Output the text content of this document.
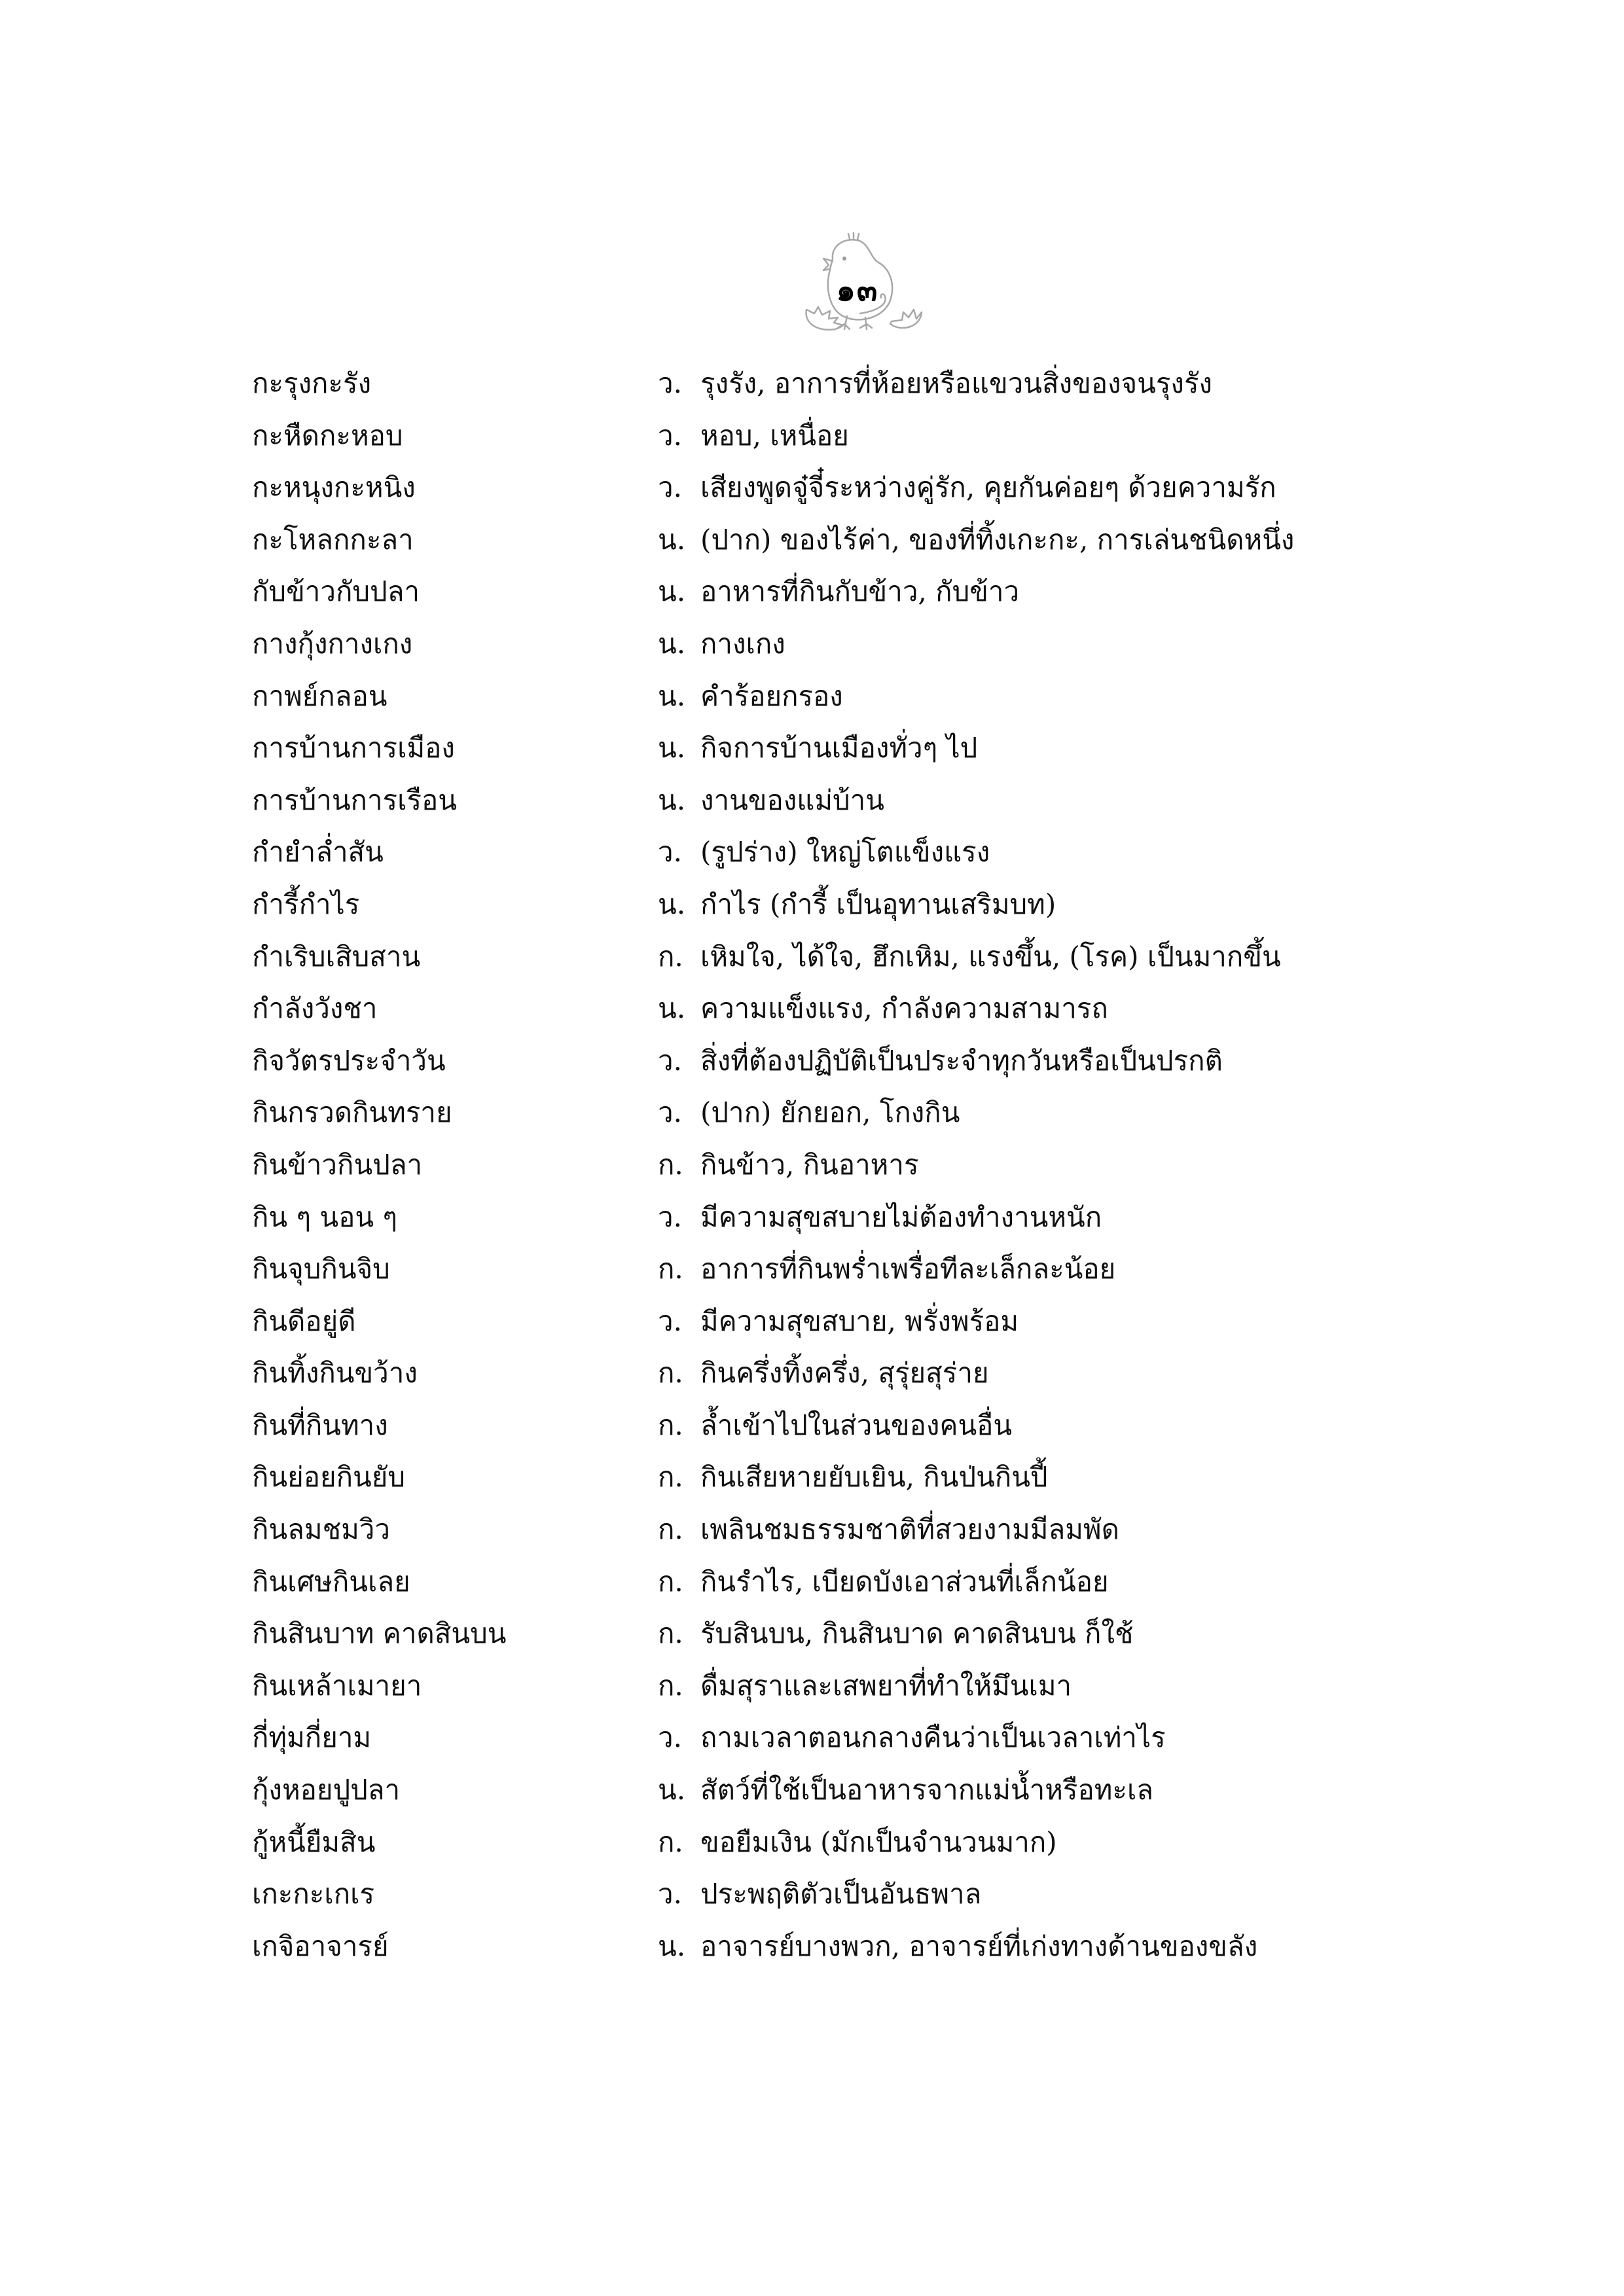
๑๓
กะรุงกะรัง	ว. รุงรัง, อาการที่ห้อยหรือแขวนสิ่งของจนรุงรัง
กะหืดกะหอบ	ว. หอบ, เหนื่อย
กะหนุงกะหนิง	ว. เสียงพูดจู๋จี๋ระหว่างคู่รัก, คุยกันค่อยๆ ด้วยความรัก
กะโหลกกะลา	น. (ปาก) ของไร้ค่า, ของที่ทิ้งเกะกะ, การเล่นชนิดหนึ่ง
กับข้าวกับปลา	น. อาหารที่กินกับข้าว, กับข้าว
กางกุ้งกางเกง	น. กางเกง
กาพย์กลอน	น. คำร้อยกรอง
การบ้านการเมือง	น. กิจการบ้านเมืองทั่วๆ ไป
การบ้านการเรือน	น. งานของแม่บ้าน
กำยำล่ำสัน	ว. (รูปร่าง) ใหญ่โตแข็งแรง
กำรี้กำไร	น. กำไร (กำรี้ เป็นอุทานเสริมบท)
กำเริบเสิบสาน	ก. เหิมใจ, ได้ใจ, ฮึกเหิม, แรงขึ้น, (โรค) เป็นมากขึ้น
กำลังวังชา	น. ความแข็งแรง, กำลังความสามารถ
กิจวัตรประจำวัน	ว. สิ่งที่ต้องปฏิบัติเป็นประจำทุกวันหรือเป็นปรกติ
กินกรวดกินทราย	ว. (ปาก) ยักยอก, โกงกิน
กินข้าวกินปลา	ก. กินข้าว, กินอาหาร
กิน ๆ นอน ๆ	ว. มีความสุขสบายไม่ต้องทำงานหนัก
กินจุบกินจิบ	ก. อาการที่กินพร่ำเพรื่อทีละเล็กละน้อย
กินดีอยู่ดี	ว. มีความสุขสบาย, พรั่งพร้อม
กินทิ้งกินขว้าง	ก. กินครึ่งทิ้งครึ่ง, สุรุ่ยสุร่าย
กินที่กินทาง	ก. ล้ำเข้าไปในส่วนของคนอื่น
กินย่อยกินยับ	ก. กินเสียหายยับเยิน, กินป่นกินปี้
กินลมชมวิว	ก. เพลินชมธรรมชาติที่สวยงามมีลมพัด
กินเศษกินเลย	ก. กินรำไร, เบียดบังเอาส่วนที่เล็กน้อย
กินสินบาท คาดสินบน	ก. รับสินบน, กินสินบาด คาดสินบน ก็ใช้
กินเหล้าเมายา	ก. ดื่มสุราและเสพยาที่ทำให้มึนเมา
กี่ทุ่มกี่ยาม	ว. ถามเวลาตอนกลางคืนว่าเป็นเวลาเท่าไร
กุ้งหอยปูปลา	น. สัตว์ที่ใช้เป็นอาหารจากแม่น้ำหรือทะเล
กู้หนี้ยืมสิน	ก. ขอยืมเงิน (มักเป็นจำนวนมาก)
เกะกะเกเร	ว. ประพฤติตัวเป็นอันธพาล
เกจิอาจารย์	น. อาจารย์บางพวก, อาจารย์ที่เก่งทางด้านของขลัง
